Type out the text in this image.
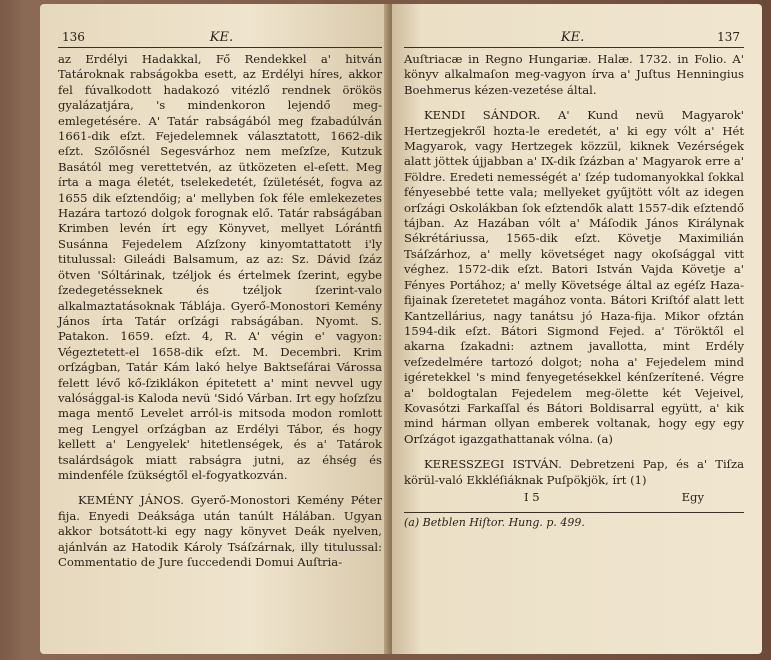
136	KE.

az Erdélyi Hadakkal, Fő Rendekkel a' hitván Tatároknak rabságokba esett, az Erdélyi híres, akkor fel fúvalkodott hadakozó vitézlő rendnek örökös gyalázatjára, 's mindenkoron lejendő meg-emlegetésére. A' Tatár rabságából meg fzabadúlván 1661-dik eſzt. Fejedelemnek választatott, 1662-dik eſzt. Szőlősnél Segesvárhoz nem meſzſze, Kutzuk Basától meg verettetvén, az ütközeten el-eſett. Meg írta a maga életét, tselekedetét, ſzületését, fogva az 1655 dik eſztendőig; a' mellyben ſok féle emlekezetes Hazára tartozó dolgok forognak elő. Tatár rabságában Krimben levén írt egy Könyvet, mellyet Lórántfi Susánna Fejedelem Aſzſzony kinyomtattatott i'ly titulussal: Gileádi Balsamum, az az: Sz. Dávid ſzáz ötven 'Sóltárinak, tzéljok és értelmek ſzerint, egybe ſzedegetésseknek és tzéljok ſzerint-valo alkalmaztatásoknak Táblája. Gyerő-Monostori Kemény János írta Tatár orſzági rabságában. Nyomt. S. Patakon. 1659. eſzt. 4, R. A' végin e' vagyon: Végeztetett-el 1658-dik eſzt. M. Decembri. Krim orſzágban, Tatár Kám lakó helye Baktseſárai Várossa felett lévő kő-ſziklákon épitetett a' mint nevvel ugy valósággal-is Kaloda nevü 'Sidó Várban. Irt egy hoſzſzu maga mentő Levelet arról-is mitsoda modon romlott meg Lengyel orſzágban az Erdélyi Tábor, és hogy kellett a' Lengyelek' hitetlenségek, és a' Tatárok tsalárdságok miatt rabságra jutni, az éhség és mindenféle ſzükségtől el-fogyatkozván.

KEMÉNY JÁNOS. Gyerő-Monostori Kemény Péter fija. Enyedi Deákságа után tanúlt Hálában. Ugyan akkor botsátott-ki egy nagy könyvet Deák nyelven, ajánlván az Hatodik Károly Tsáſzárnak, illy titulussal: Commentatio de Jure ſuccedendi Domui Auſtria-

KE.	137

Auſtriacæ in Regno Hungariæ. Halæ. 1732. in Folio. A' könyv alkalmaſon meg-vagyon írva a' Juſtus Henningius Boehmerus kézen-vezetése által.

KENDI SÁNDOR. A' Kund nevü Magyarok' Hertzegjekről hozta-le eredetét, a' ki egy vólt a' Hét Magyarok, vagy Hertzegek közzül, kiknek Vezérségek alatt jöttek újjabban a' IX-dik ſzázban a' Magyarok erre a' Földre. Eredeti nemességét a' ſzép tudomanyokkal ſokkal fényesebbé tette vala; mellyeket gyűjtött vólt az idegen orſzági Oskolákban ſok eſztendők alatt 1557-dik eſztendő tájban. Az Hazában vólt a' Máſodik János Királynak Sékrétáriussa, 1565-dik eſzt. Követje Maximilián Tsáſzárhoz, a' melly követséget nagy okoſsággal vitt véghez. 1572-dik eſzt. Batori István Vajda Követje a' Fényes Portához; a' melly Követsége által az egéſz Haza-fijainak ſzeretetet magához vonta. Bátori Kriſtóf alatt lett Kantzellárius, nagy tanátsu jó Haza-fija. Mikor ofztán 1594-dik eſzt. Bátori Sigmond Fejed. a' Töröktől el akarna ſzakadni: aztnem javallotta, mint Erdély veſzedelmére tartozó dolgot; noha a' Fejedelem mind igéretekkel 's mind fenyegetésekkel kénſzerítené. Végre a' boldogtalan Fejedelem meg-ölette két Vejeivel, Kovasótzi Farkaſſal és Bátori Boldisarral együtt, a' kik mind hárman ollyan emberek voltanak, hogy egy egy Orſzágot igazgathattanak vólna. (a)

KERESSZEGI ISTVÁN. Debretzeni Pap, és a' Tiſza körül-való Ekkléſiáknak Puſpökjök, írt (1)

I 5	Egy
(a) Betblen Hiſtor. Hung. p. 499.
